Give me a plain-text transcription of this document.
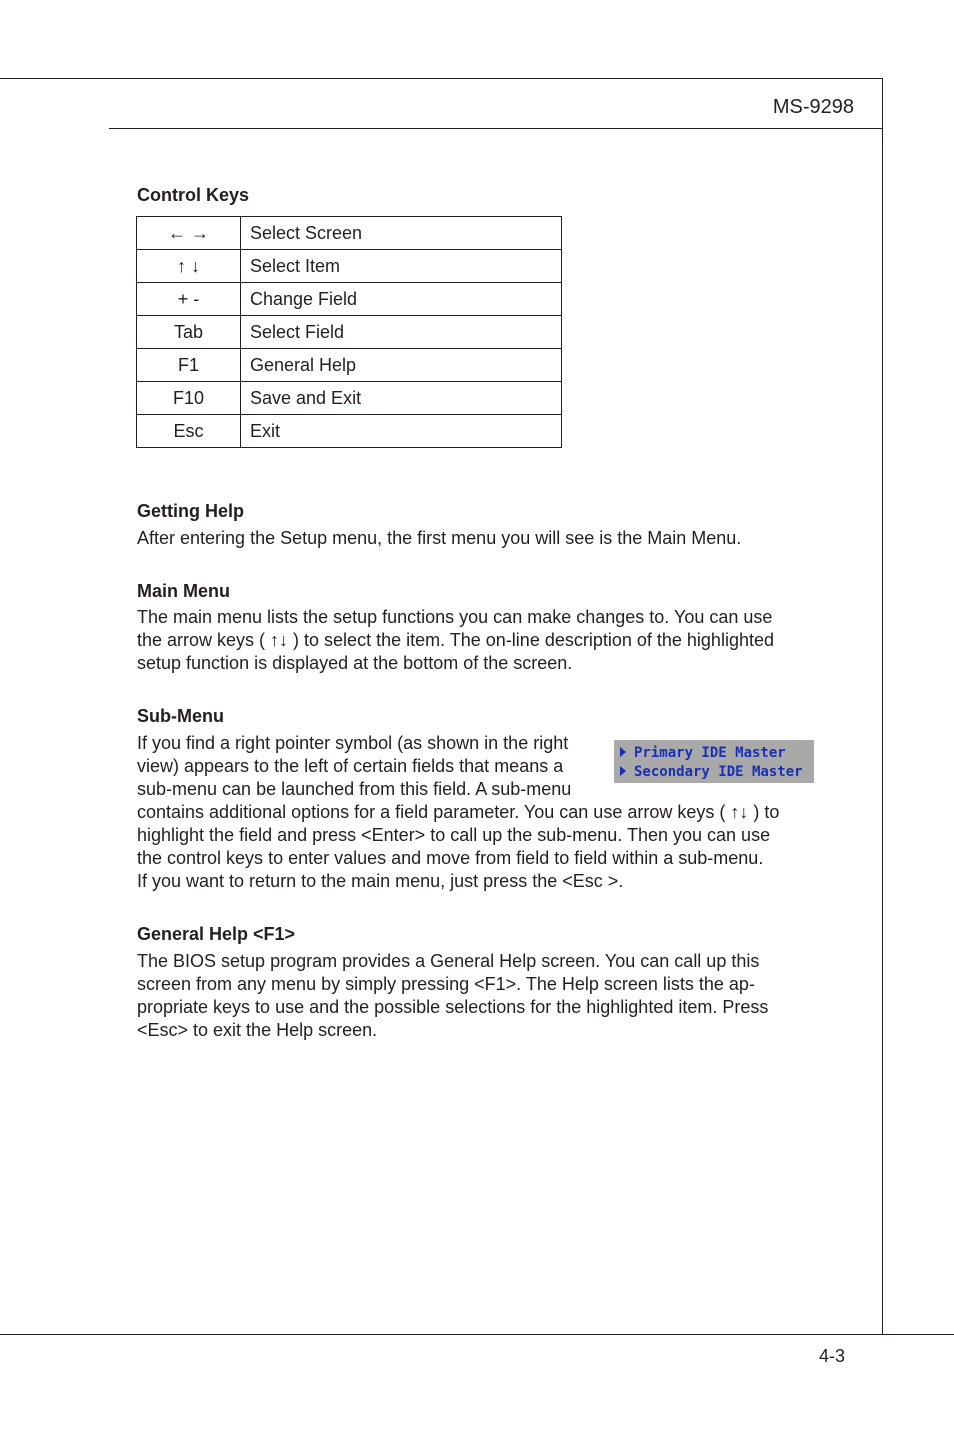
MS-9298
Control Keys
← →	Select Screen
↑ ↓	Select Item
+ -	Change Field
Tab	Select Field
F1	General Help
F10	Save and Exit
Esc	Exit
Getting Help
After entering the Setup menu, the first menu you will see is the Main Menu.
Main Menu
The main menu lists the setup functions you can make changes to. You can use
the arrow keys ( ↑↓ ) to select the item. The on-line description of the highlighted
setup function is displayed at the bottom of the screen.
Sub-Menu
If you find a right pointer symbol (as shown in the right
view) appears to the left of certain fields that means a
sub-menu can be launched from this field. A sub-menu
contains additional options for a field parameter. You can use arrow keys ( ↑↓ ) to
highlight the field and press <Enter> to call up the sub-menu. Then you can use
the control keys to enter values and move from field to field within a sub-menu.
If you want to return to the main menu, just press the <Esc >.
Primary IDE Master
Secondary IDE Master
General Help <F1>
The BIOS setup program provides a General Help screen. You can call up this
screen from any menu by simply pressing <F1>. The Help screen lists the ap-
propriate keys to use and the possible selections for the highlighted item. Press
<Esc> to exit the Help screen.
4-3
